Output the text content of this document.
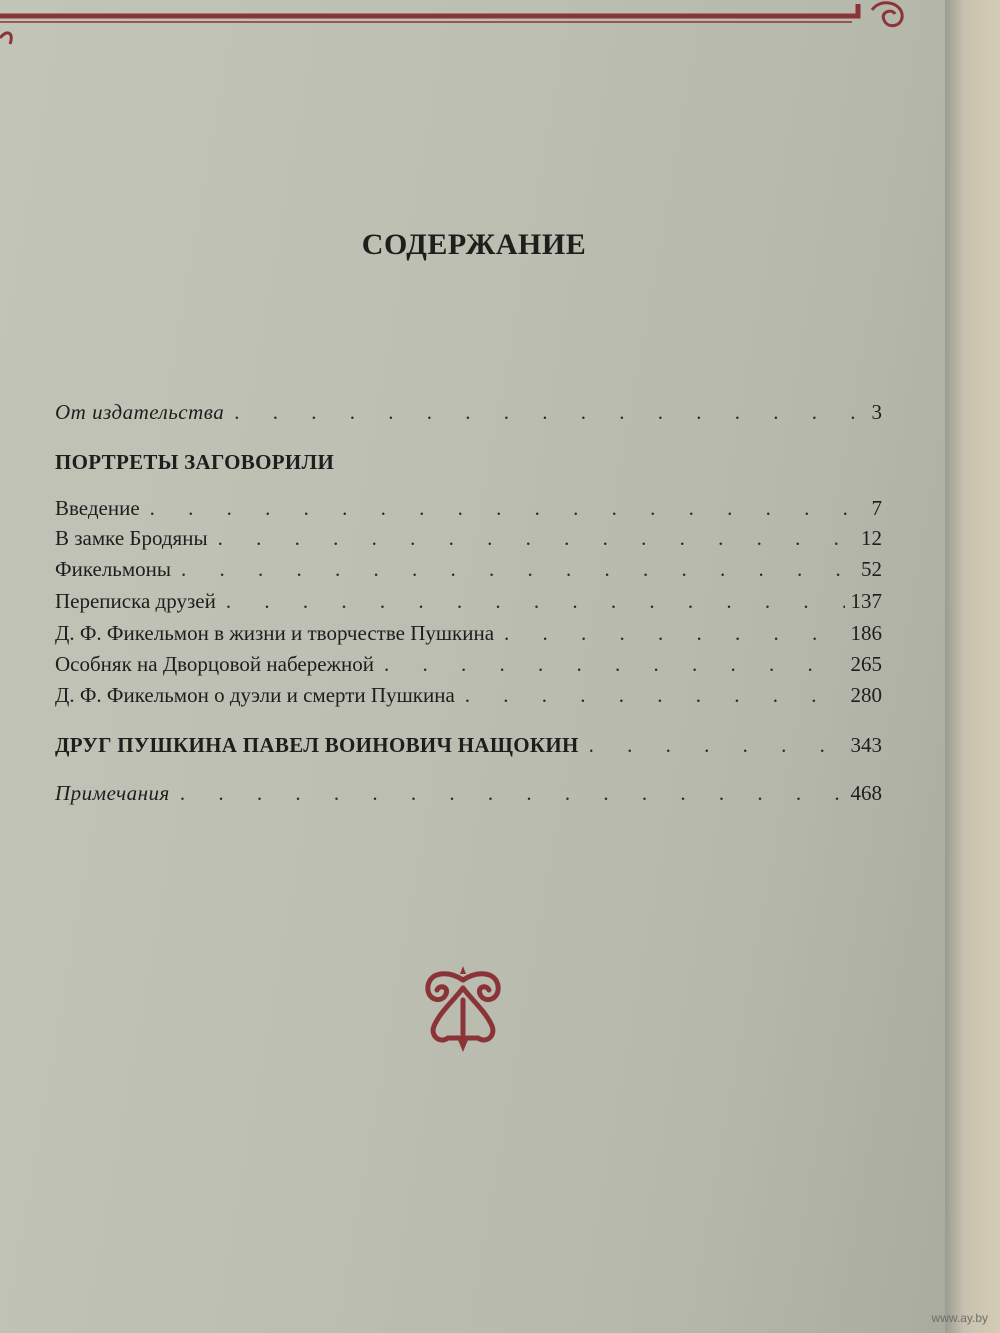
СОДЕРЖАНИЕ
От издательства . . .	3
ПОРТРЕТЫ ЗАГОВОРИЛИ
Введение . . .	7
В замке Бродяны . . .	12
Фикельмоны . . .	52
Переписка друзей . . .	137
Д. Ф. Фикельмон в жизни и творчестве Пушкина . . .	186
Особняк на Дворцовой набережной . . .	265
Д. Ф. Фикельмон о дуэли и смерти Пушкина . . .	280
ДРУГ ПУШКИНА ПАВЕЛ ВОИНОВИЧ НАЩОКИН . . .	343
Примечания . . .	468
www.ay.by
